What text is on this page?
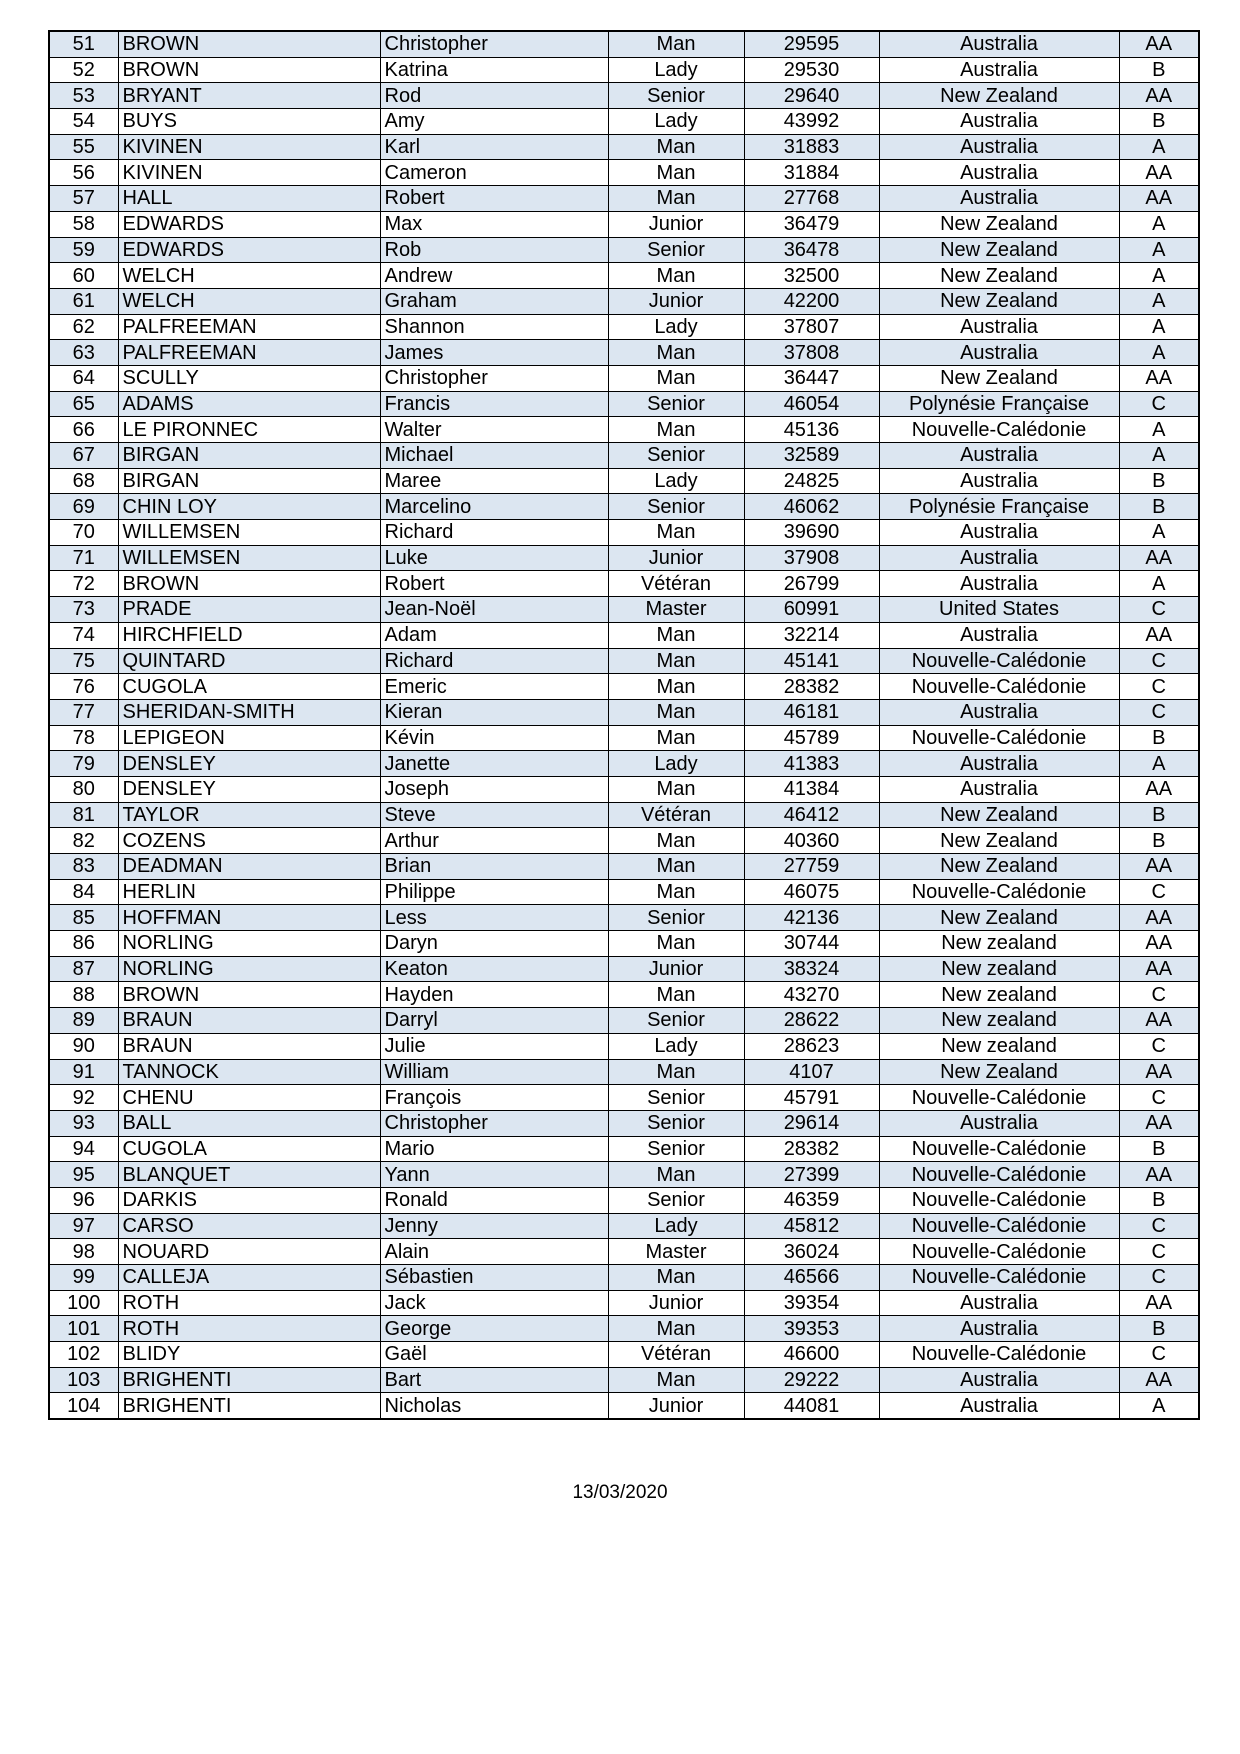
51	BROWN	Christopher	Man	29595	Australia	AA
52	BROWN	Katrina	Lady	29530	Australia	B
53	BRYANT	Rod	Senior	29640	New Zealand	AA
54	BUYS	Amy	Lady	43992	Australia	B
55	KIVINEN	Karl	Man	31883	Australia	A
56	KIVINEN	Cameron	Man	31884	Australia	AA
57	HALL	Robert	Man	27768	Australia	AA
58	EDWARDS	Max	Junior	36479	New Zealand	A
59	EDWARDS	Rob	Senior	36478	New Zealand	A
60	WELCH	Andrew	Man	32500	New Zealand	A
61	WELCH	Graham	Junior	42200	New Zealand	A
62	PALFREEMAN	Shannon	Lady	37807	Australia	A
63	PALFREEMAN	James	Man	37808	Australia	A
64	SCULLY	Christopher	Man	36447	New Zealand	AA
65	ADAMS	Francis	Senior	46054	Polynésie Française	C
66	LE PIRONNEC	Walter	Man	45136	Nouvelle-Calédonie	A
67	BIRGAN	Michael	Senior	32589	Australia	A
68	BIRGAN	Maree	Lady	24825	Australia	B
69	CHIN LOY	Marcelino	Senior	46062	Polynésie Française	B
70	WILLEMSEN	Richard	Man	39690	Australia	A
71	WILLEMSEN	Luke	Junior	37908	Australia	AA
72	BROWN	Robert	Vétéran	26799	Australia	A
73	PRADE	Jean-Noël	Master	60991	United States	C
74	HIRCHFIELD	Adam	Man	32214	Australia	AA
75	QUINTARD	Richard	Man	45141	Nouvelle-Calédonie	C
76	CUGOLA	Emeric	Man	28382	Nouvelle-Calédonie	C
77	SHERIDAN-SMITH	Kieran	Man	46181	Australia	C
78	LEPIGEON	Kévin	Man	45789	Nouvelle-Calédonie	B
79	DENSLEY	Janette	Lady	41383	Australia	A
80	DENSLEY	Joseph	Man	41384	Australia	AA
81	TAYLOR	Steve	Vétéran	46412	New Zealand	B
82	COZENS	Arthur	Man	40360	New Zealand	B
83	DEADMAN	Brian	Man	27759	New Zealand	AA
84	HERLIN	Philippe	Man	46075	Nouvelle-Calédonie	C
85	HOFFMAN	Less	Senior	42136	New Zealand	AA
86	NORLING	Daryn	Man	30744	New zealand	AA
87	NORLING	Keaton	Junior	38324	New zealand	AA
88	BROWN	Hayden	Man	43270	New zealand	C
89	BRAUN	Darryl	Senior	28622	New zealand	AA
90	BRAUN	Julie	Lady	28623	New zealand	C
91	TANNOCK	William	Man	4107	New Zealand	AA
92	CHENU	François	Senior	45791	Nouvelle-Calédonie	C
93	BALL	Christopher	Senior	29614	Australia	AA
94	CUGOLA	Mario	Senior	28382	Nouvelle-Calédonie	B
95	BLANQUET	Yann	Man	27399	Nouvelle-Calédonie	AA
96	DARKIS	Ronald	Senior	46359	Nouvelle-Calédonie	B
97	CARSO	Jenny	Lady	45812	Nouvelle-Calédonie	C
98	NOUARD	Alain	Master	36024	Nouvelle-Calédonie	C
99	CALLEJA	Sébastien	Man	46566	Nouvelle-Calédonie	C
100	ROTH	Jack	Junior	39354	Australia	AA
101	ROTH	George	Man	39353	Australia	B
102	BLIDY	Gaël	Vétéran	46600	Nouvelle-Calédonie	C
103	BRIGHENTI	Bart	Man	29222	Australia	AA
104	BRIGHENTI	Nicholas	Junior	44081	Australia	A
13/03/2020
